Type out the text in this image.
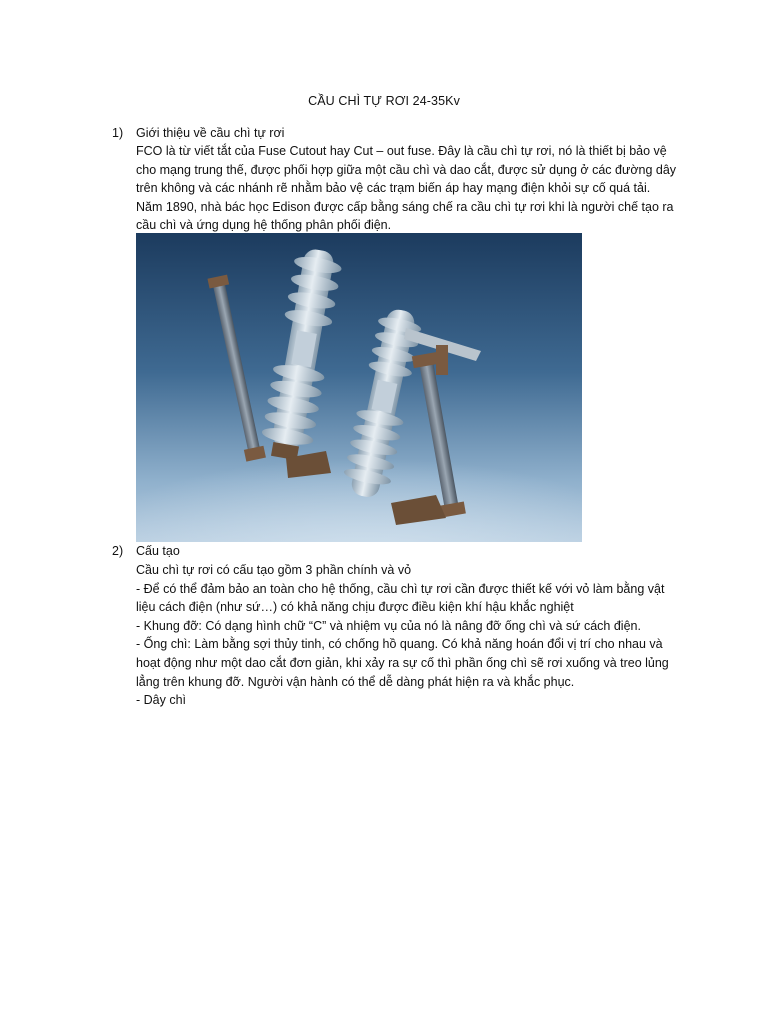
CẦU CHÌ TỰ RƠI 24-35Kv
1) Giới thiệu về cầu chì tự rơi

FCO là từ viết tắt của Fuse Cutout hay Cut – out fuse. Đây là cầu chì tự rơi, nó là thiết bị bảo vệ

cho mạng trung thế, được phối hợp giữa một cầu chì và dao cắt, được sử dụng ở các đường dây

trên không và các nhánh rẽ nhằm bảo vệ các trạm biến áp hay mạng điện khỏi sự cố quá tải.

Năm 1890, nhà bác học Edison được cấp bằng sáng chế ra cầu chì tự rơi khi là người chế tạo ra

cầu chì và ứng dụng hệ thống phân phối điện.

2) Cấu tạo

Cầu chì tự rơi có cấu tạo gồm 3 phần chính và vỏ

- Để có thể đảm bảo an toàn cho hệ thống, cầu chì tự rơi cần được thiết kế với vỏ làm bằng vật

liệu cách điện (như sứ…) có khả năng chịu được điều kiện khí hậu khắc nghiệt

- Khung đỡ: Có dạng hình chữ “C” và nhiệm vụ của nó là nâng đỡ ống chì và sứ cách điện.

- Ống chì: Làm bằng sợi thủy tinh, có chống hồ quang. Có khả năng hoán đổi vị trí cho nhau và

hoạt động như một dao cắt đơn giản, khi xảy ra sự cố thì phần ống chì sẽ rơi xuống và treo lủng

lẳng trên khung đỡ. Người vận hành có thể dễ dàng phát hiện ra và khắc phục.

- Dây chì
